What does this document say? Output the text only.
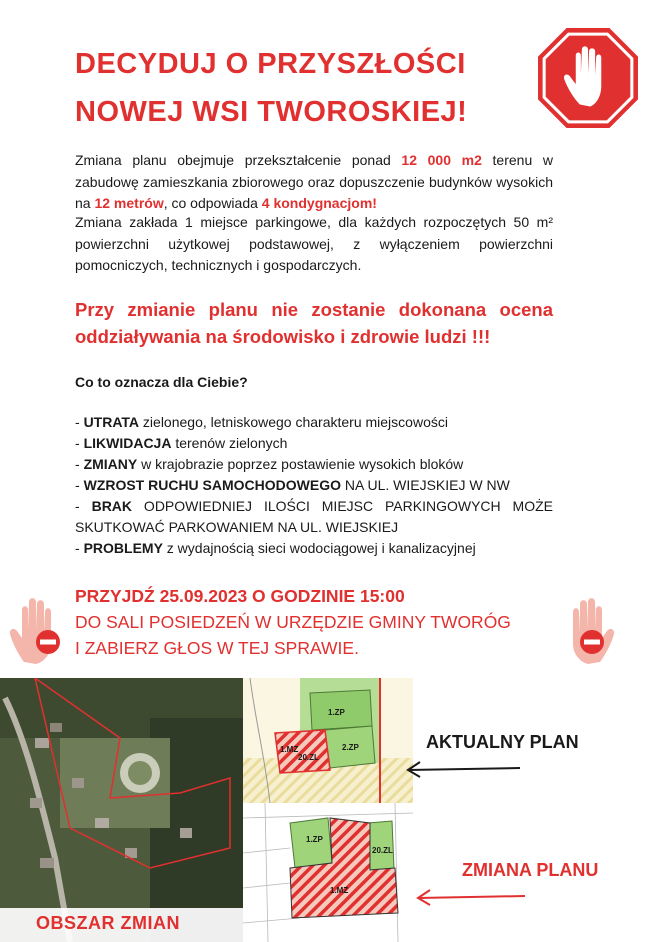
DECYDUJ O PRZYSZŁOŚCI
NOWEJ WSI TWOROSKIEJ!
Zmiana planu obejmuje przekształcenie ponad 12 000 m2 terenu w zabudowę zamieszkania zbiorowego oraz dopuszczenie budynków wysokich na 12 metrów, co odpowiada 4 kondygnacjom!
Zmiana zakłada 1 miejsce parkingowe, dla każdych rozpoczętych 50 m² powierzchni użytkowej podstawowej, z wyłączeniem powierzchni pomocniczych, technicznych i gospodarczych.
Przy zmianie planu nie zostanie dokonana ocena oddziaływania na środowisko i zdrowie ludzi !!!
Co to oznacza dla Ciebie?
- UTRATA zielonego, letniskowego charakteru miejscowości
- LIKWIDACJA terenów zielonych
- ZMIANY w krajobrazie poprzez postawienie wysokich bloków
- WZROST RUCHU SAMOCHODOWEGO NA UL. WIEJSKIEJ W NW
- BRAK ODPOWIEDNIEJ ILOŚCI MIEJSC PARKINGOWYCH MOŻE SKUTKOWAĆ PARKOWANIEM NA UL. WIEJSKIEJ
- PROBLEMY z wydajnością sieci wodociągowej i kanalizacyjnej
PRZYJDŹ 25.09.2023 O GODZINIE 15:00
DO SALI POSIEDZEŃ W URZĘDZIE GMINY TWORÓG
I ZABIERZ GŁOS W TEJ SPRAWIE.
OBSZAR ZMIAN
1.ZP
2.ZP
1.MZ
20.ZL
1.ZP
20.ZL
1.MZ
AKTUALNY PLAN
ZMIANA PLANU
